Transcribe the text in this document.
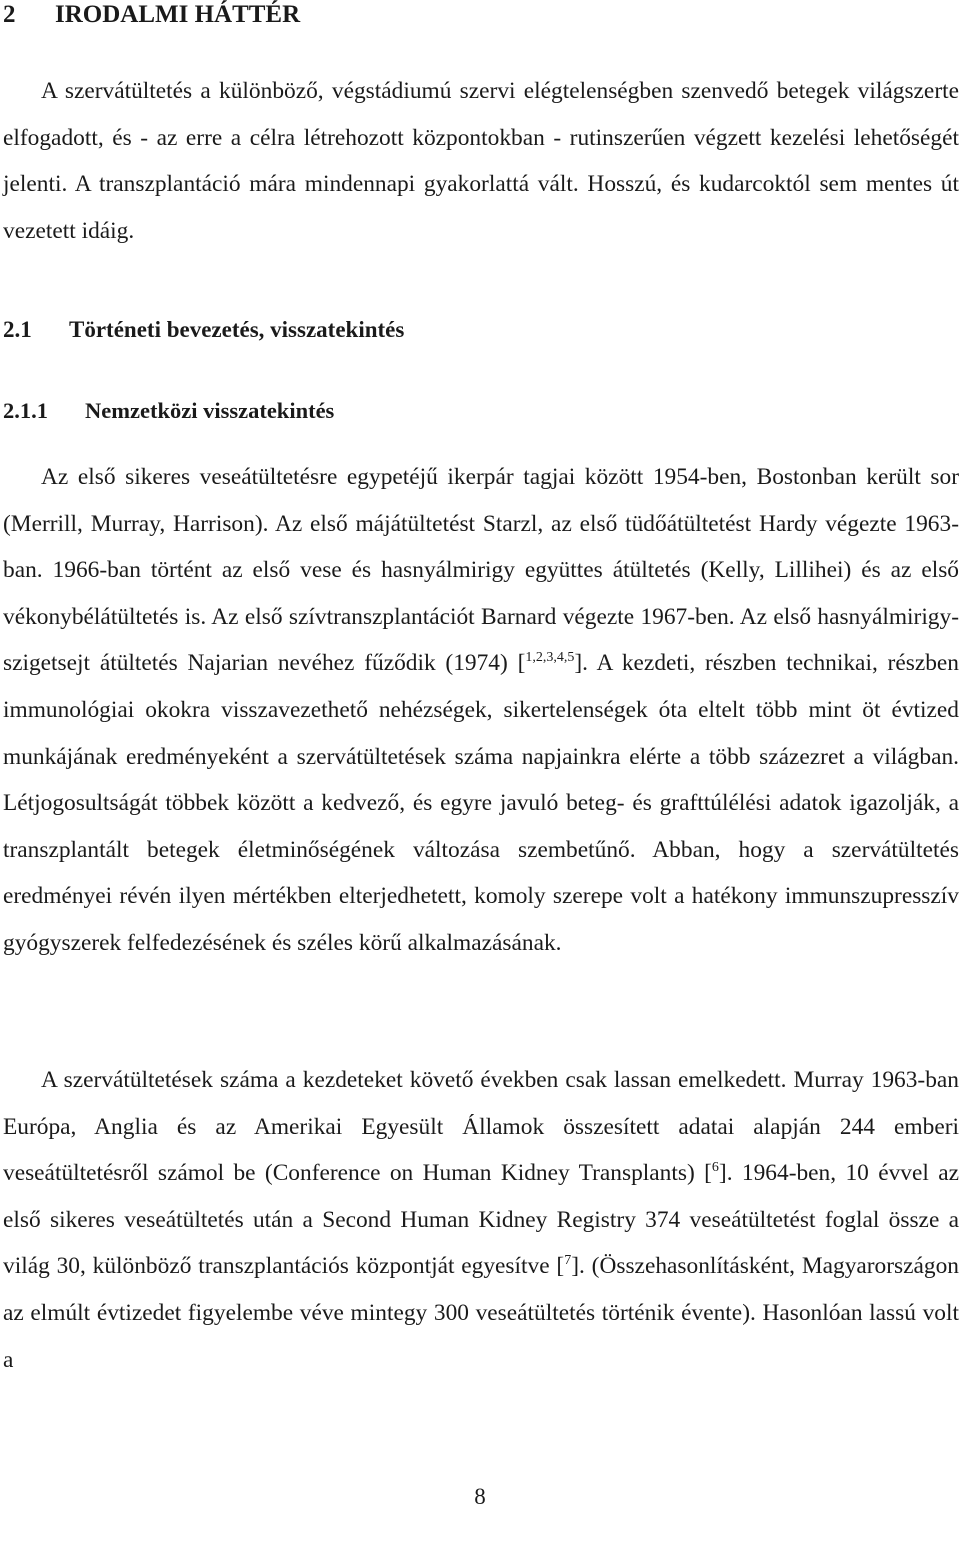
2 IRODALMI HÁTTÉR

A szervátültetés a különböző, végstádiumú szervi elégtelenségben szenvedő betegek világszerte elfogadott, és - az erre a célra létrehozott központokban - rutinszerűen végzett kezelési lehetőségét jelenti. A transzplantáció mára mindennapi gyakorlattá vált. Hosszú, és kudarcoktól sem mentes út vezetett idáig.

2.1 Történeti bevezetés, visszatekintés
2.1.1 Nemzetközi visszatekintés

Az első sikeres veseátültetésre egypetéjű ikerpár tagjai között 1954-ben, Bostonban került sor (Merrill, Murray, Harrison). Az első májátültetést Starzl, az első tüdőátültetést Hardy végezte 1963-ban. 1966-ban történt az első vese és hasnyálmirigy együttes átültetés (Kelly, Lillihei) és az első vékonybélátültetés is. Az első szívtranszplantációt Barnard végezte 1967-ben. Az első hasnyálmirigy-szigetsejt átültetés Najarian nevéhez fűződik (1974) [$^{1,2,3,4,5}$]. A kezdeti, részben technikai, részben immunológiai okokra visszavezethető nehézségek, sikertelenségek óta eltelt több mint öt évtized munkájának eredményeként a szervátültetések száma napjainkra elérte a több százezret a világban. Létjogosultságát többek között a kedvező, és egyre javuló beteg- és grafttúlélési adatok igazolják, a transzplantált betegek életminőségének változása szembetűnő. Abban, hogy a szervátültetés eredményei révén ilyen mértékben elterjedhetett, komoly szerepe volt a hatékony immunszupresszív gyógyszerek felfedezésének és széles körű alkalmazásának.

A szervátültetések száma a kezdeteket követő években csak lassan emelkedett. Murray 1963-ban Európa, Anglia és az Amerikai Egyesült Államok összesített adatai alapján 244 emberi veseátültetésről számol be (Conference on Human Kidney Transplants) [$^6$]. 1964-ben, 10 évvel az első sikeres veseátültetés után a Second Human Kidney Registry 374 veseátültetést foglal össze a világ 30, különböző transzplantációs központját egyesítve [$^7$]. (Összehasonlításként, Magyarországon az elmúlt évtizedet figyelembe véve mintegy 300 veseátültetés történik évente). Hasonlóan lassú volt a

8
